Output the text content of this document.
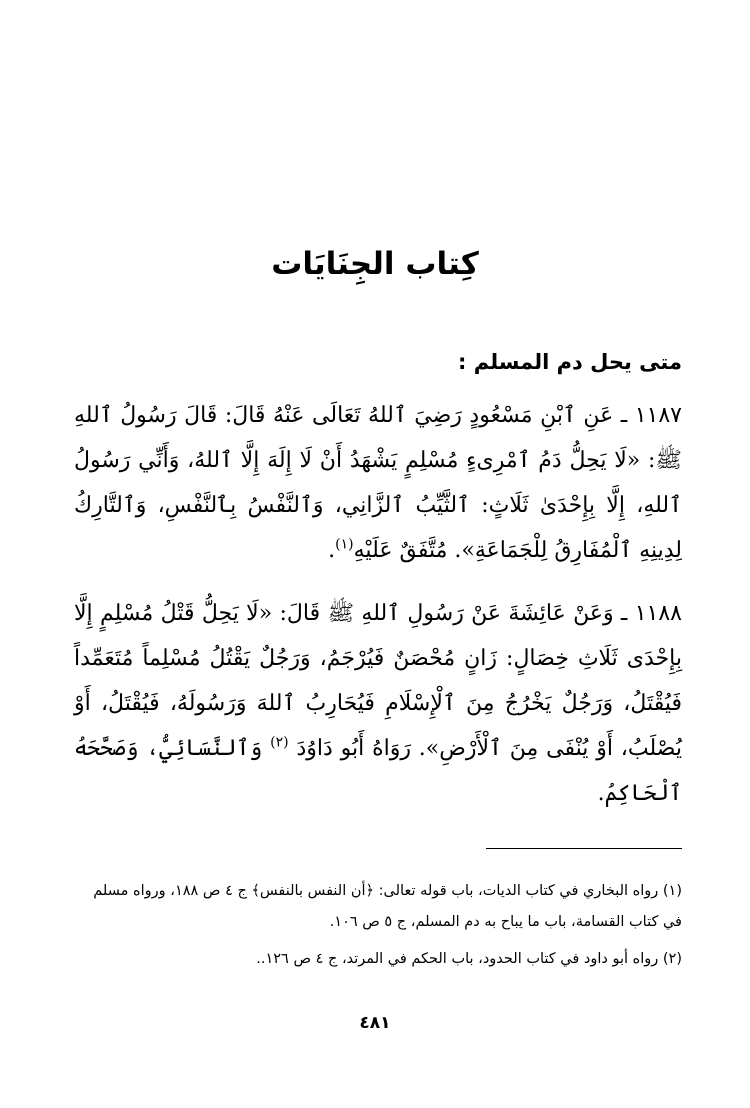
كِتاب الجِنَايَات
متى يحل دم المسلم :
١١٨٧ ـ عَنِ ٱبْنِ مَسْعُودٍ رَضِيَ ٱللهُ تَعَالَى عَنْهُ قَالَ: قَالَ رَسُولُ ٱللهِ ﷺ: «لَا يَحِلُّ دَمُ ٱمْرِىءٍ مُسْلِمٍ يَشْهَدُ أَنْ لَا إِلَهَ إِلَّا ٱللهُ، وَأَنِّي رَسُولُ ٱللهِ، إِلَّا بِإِحْدَىٰ ثَلَاثٍ: ٱلثَّيِّبُ ٱلزَّانِي، وَٱلنَّفْسُ بِٱلنَّفْسِ، وَٱلتَّارِكُ لِدِينِهِ ٱلْمُفَارِقُ لِلْجَمَاعَةِ». مُتَّفَقٌ عَلَيْهِ$^{(١)}$.
١١٨٨ ـ وَعَنْ عَائِشَةَ عَنْ رَسُولِ ٱللهِ ﷺ قَالَ: «لَا يَحِلُّ قَتْلُ مُسْلِمٍ إِلَّا بِإِحْدَى ثَلَاثِ خِصَالٍ: زَانٍ مُحْصَنٌ فَيُرْجَمُ، وَرَجُلٌ يَقْتُلُ مُسْلِماً مُتَعَمِّداً فَيُقْتَلُ، وَرَجُلٌ يَخْرُجُ مِنَ ٱلْإِسْلَامِ فَيُحَارِبُ ٱللهَ وَرَسُولَهُ، فَيُقْتَلُ، أَوْ يُصْلَبُ، أَوْ يُنْفَى مِنَ ٱلْأَرْضِ». رَوَاهُ أَبُو دَاوُدَ $^{(٢)}$ وَٱلنَّسَائِيُّ، وَصَحَّحَهُ ٱلْحَاكِمُ.

(١) رواه البخاري في كتاب الديات، باب قوله تعالى: ﴿أن النفس بالنفس﴾ ج ٤ ص ١٨٨، ورواه مسلم في كتاب القسامة، باب ما يباح به دم المسلم، ج ٥ ص ١٠٦.

(٢) رواه أبو داود في كتاب الحدود، باب الحكم في المرتد، ج ٤ ص ١٢٦..

٤٨١
